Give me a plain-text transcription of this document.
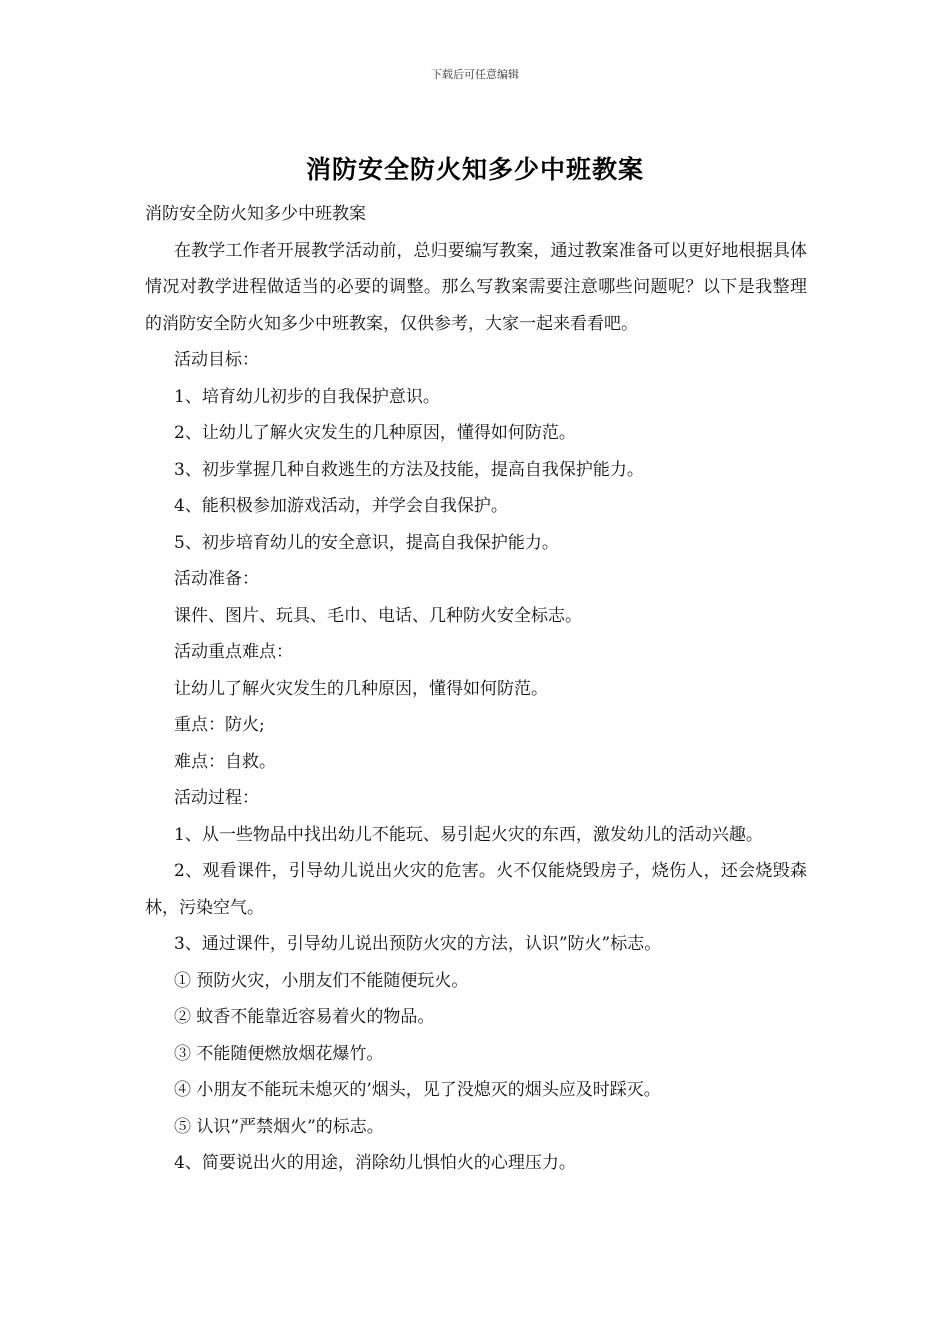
下载后可任意编辑
消防安全防火知多少中班教案

消防安全防火知多少中班教案

在教学工作者开展教学活动前，总归要编写教案，通过教案准备可以更好地根据具体情况对教学进程做适当的必要的调整。那么写教案需要注意哪些问题呢？以下是我整理的消防安全防火知多少中班教案，仅供参考，大家一起来看看吧。

活动目标：

1、培育幼儿初步的自我保护意识。

2、让幼儿了解火灾发生的几种原因，懂得如何防范。

3、初步掌握几种自救逃生的方法及技能，提高自我保护能力。

4、能积极参加游戏活动，并学会自我保护。

5、初步培育幼儿的安全意识，提高自我保护能力。

活动准备：

课件、图片、玩具、毛巾、电话、几种防火安全标志。

活动重点难点：

让幼儿了解火灾发生的几种原因，懂得如何防范。

重点：防火;

难点：自救。

活动过程：

1、从一些物品中找出幼儿不能玩、易引起火灾的东西，激发幼儿的活动兴趣。

2、观看课件，引导幼儿说出火灾的危害。火不仅能烧毁房子，烧伤人，还会烧毁森林，污染空气。

3、通过课件，引导幼儿说出预防火灾的方法，认识”防火”标志。

① 预防火灾，小朋友们不能随便玩火。

② 蚊香不能靠近容易着火的物品。

③ 不能随便燃放烟花爆竹。

④ 小朋友不能玩未熄灭的’烟头，见了没熄灭的烟头应及时踩灭。

⑤ 认识”严禁烟火”的标志。

4、简要说出火的用途，消除幼儿惧怕火的心理压力。
